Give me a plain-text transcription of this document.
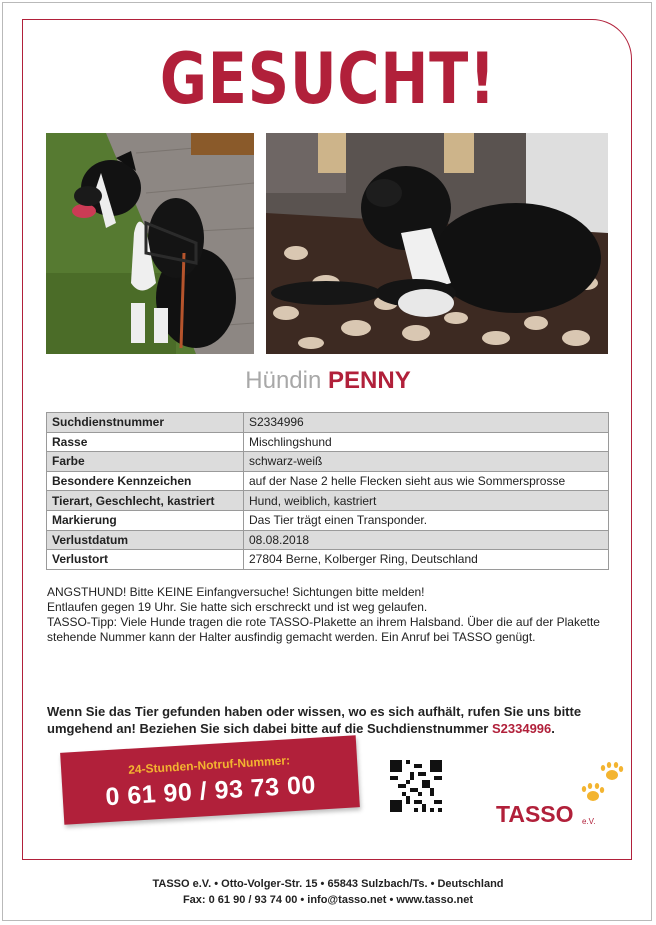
GESUCHT!
Hündin PENNY
Suchdienstnummer	S2334996
Rasse	Mischlingshund
Farbe	schwarz-weiß
Besondere Kennzeichen	auf der Nase 2 helle Flecken sieht aus wie Sommersprosse
Tierart, Geschlecht, kastriert	Hund, weiblich, kastriert
Markierung	Das Tier trägt einen Transponder.
Verlustdatum	08.08.2018
Verlustort	27804 Berne, Kolberger Ring, Deutschland
ANGSTHUND! Bitte KEINE Einfangversuche! Sichtungen bitte melden!
Entlaufen gegen 19 Uhr. Sie hatte sich erschreckt und ist weg gelaufen.
TASSO-Tipp: Viele Hunde tragen die rote TASSO-Plakette an ihrem Halsband. Über die auf der Plakette
stehende Nummer kann der Halter ausfindig gemacht werden. Ein Anruf bei TASSO genügt.
Wenn Sie das Tier gefunden haben oder wissen, wo es sich aufhält, rufen Sie uns bitte
umgehend an! Beziehen Sie sich dabei bitte auf die Suchdienstnummer S2334996.
24-Stunden-Notruf-Nummer:
0 61 90 / 93 73 00
TASSO e.V.
TASSO e.V. • Otto-Volger-Str. 15 • 65843 Sulzbach/Ts. • Deutschland
Fax: 0 61 90 / 93 74 00 • info@tasso.net • www.tasso.net
